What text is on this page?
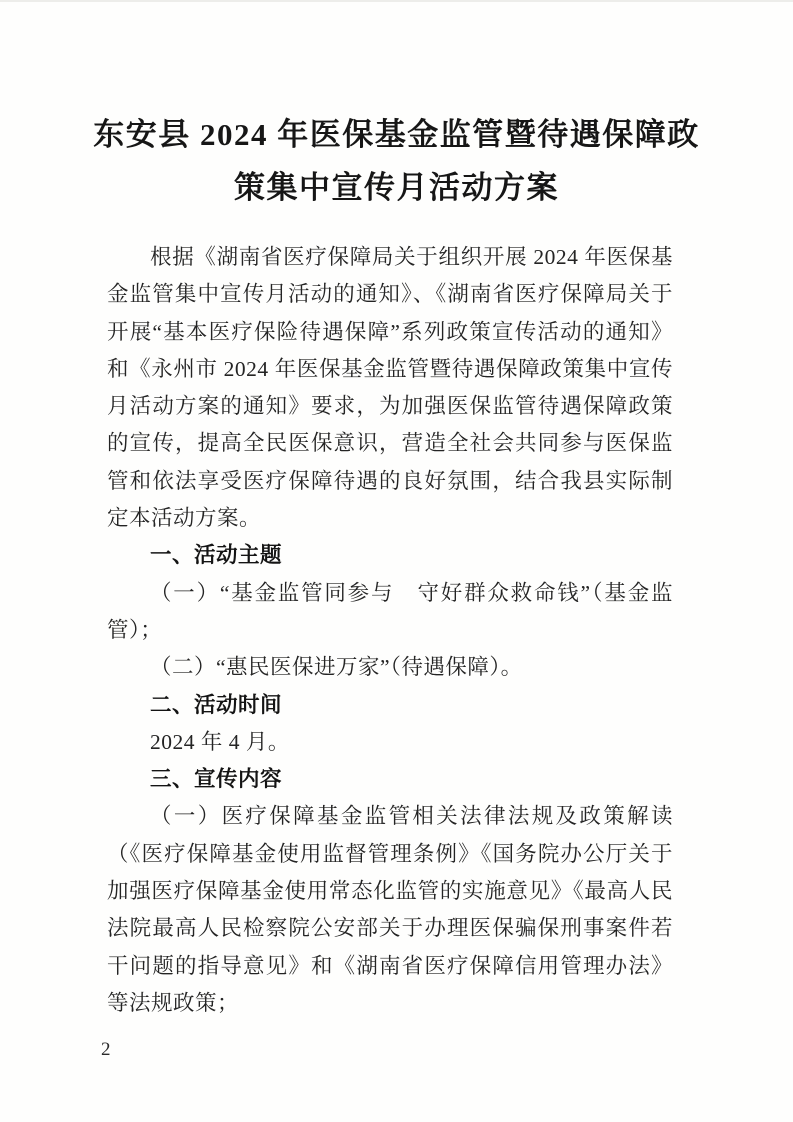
东安县 2024 年医保基金监管暨待遇保障政
策集中宣传月活动方案

根据《湖南省医疗保障局关于组织开展 2024 年医保基金监管集中宣传月活动的通知》、《湖南省医疗保障局关于开展“基本医疗保险待遇保障”系列政策宣传活动的通知》和《永州市 2024 年医保基金监管暨待遇保障政策集中宣传月活动方案的通知》要求，为加强医保监管待遇保障政策的宣传，提高全民医保意识，营造全社会共同参与医保监管和依法享受医疗保障待遇的良好氛围，结合我县实际制定本活动方案。

一、活动主题

（一）“基金监管同参与　守好群众救命钱”（基金监管）；

（二）“惠民医保进万家”（待遇保障）。

二、活动时间

2024 年 4 月。

三、宣传内容

（一）医疗保障基金监管相关法律法规及政策解读（《医疗保障基金使用监督管理条例》《国务院办公厅关于加强医疗保障基金使用常态化监管的实施意见》《最高人民法院最高人民检察院公安部关于办理医保骗保刑事案件若干问题的指导意见》和《湖南省医疗保障信用管理办法》等法规政策；

2
